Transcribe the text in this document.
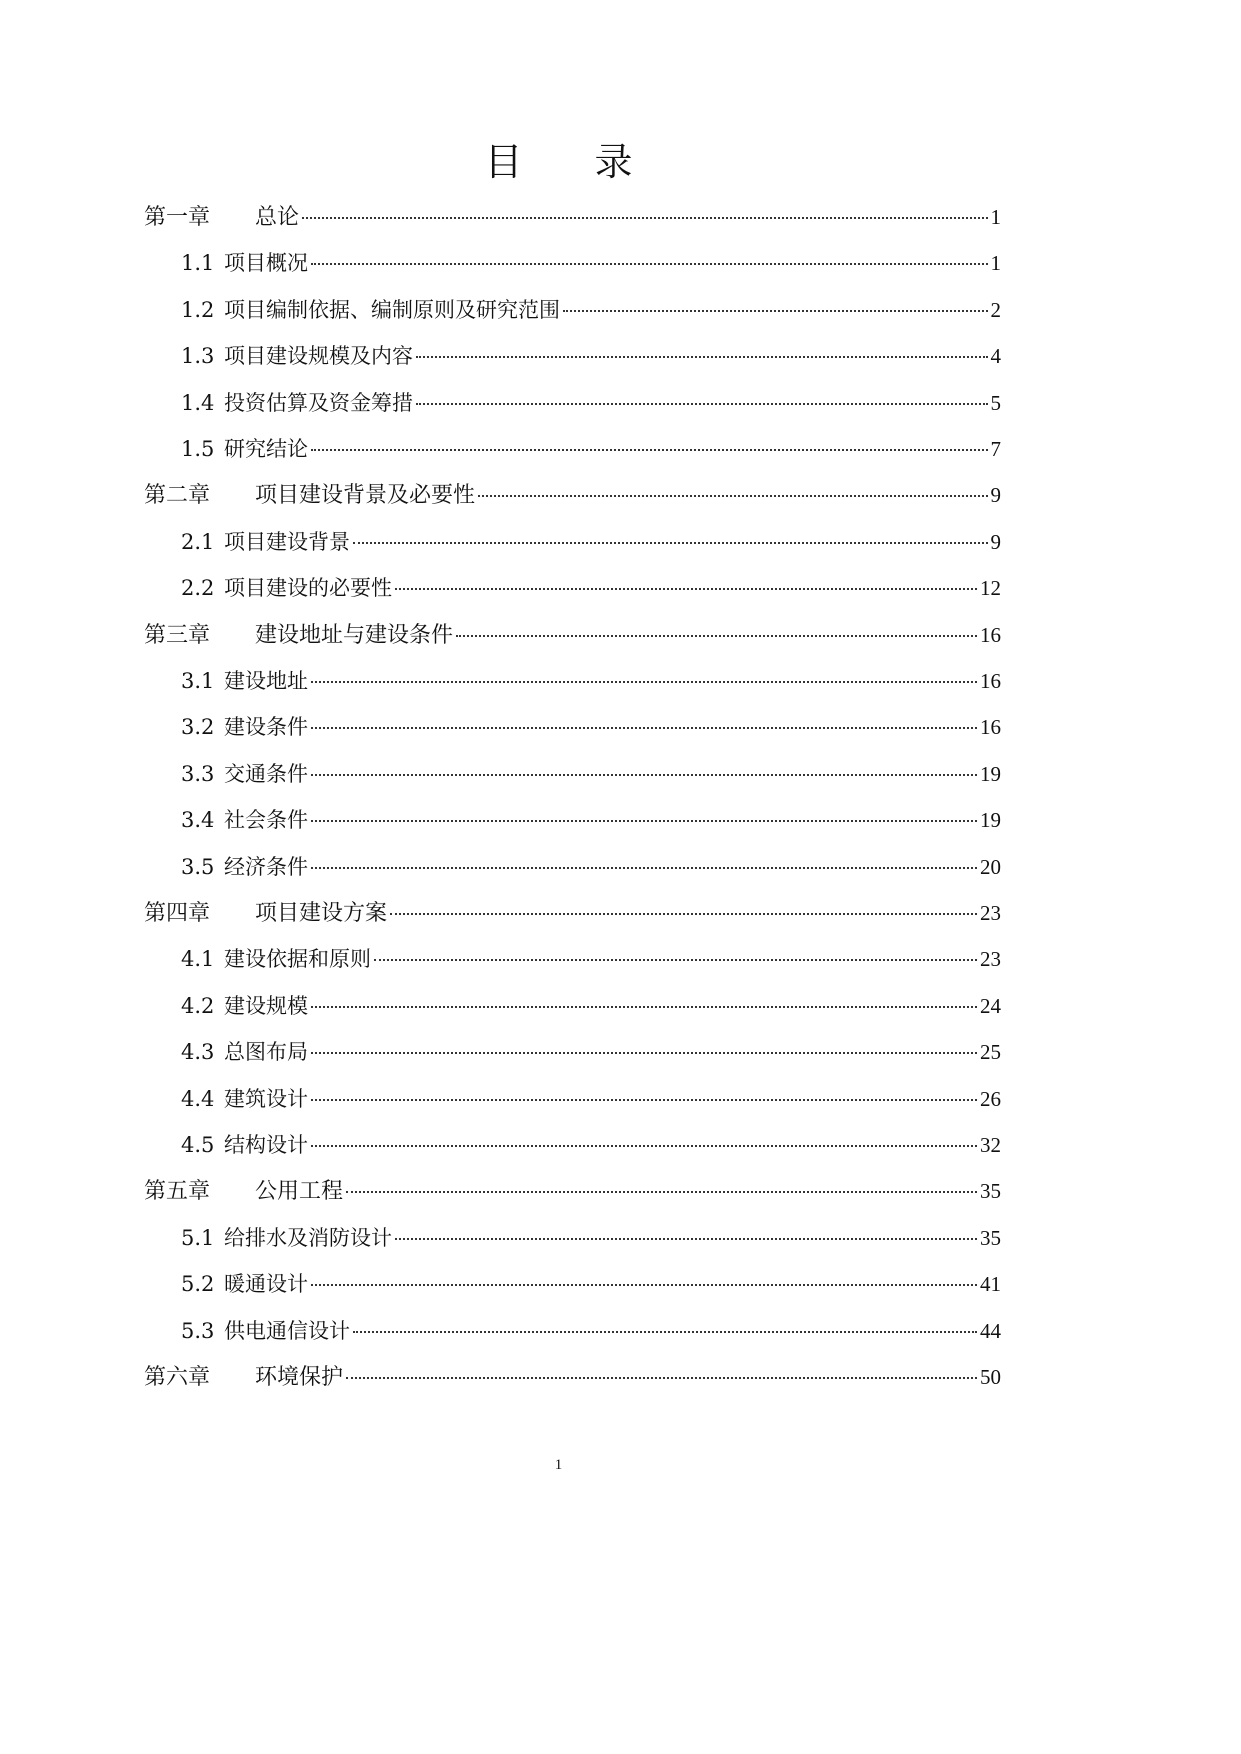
目 录
第一章	总论	1
1.1 项目概况	1
1.2 项目编制依据、编制原则及研究范围	2
1.3 项目建设规模及内容	4
1.4 投资估算及资金筹措	5
1.5 研究结论	7
第二章	项目建设背景及必要性	9
2.1 项目建设背景	9
2.2 项目建设的必要性	12
第三章	建设地址与建设条件	16
3.1 建设地址	16
3.2 建设条件	16
3.3 交通条件	19
3.4 社会条件	19
3.5 经济条件	20
第四章	项目建设方案	23
4.1 建设依据和原则	23
4.2 建设规模	24
4.3 总图布局	25
4.4 建筑设计	26
4.5 结构设计	32
第五章	公用工程	35
5.1 给排水及消防设计	35
5.2 暖通设计	41
5.3 供电通信设计	44
第六章	环境保护	50
1
